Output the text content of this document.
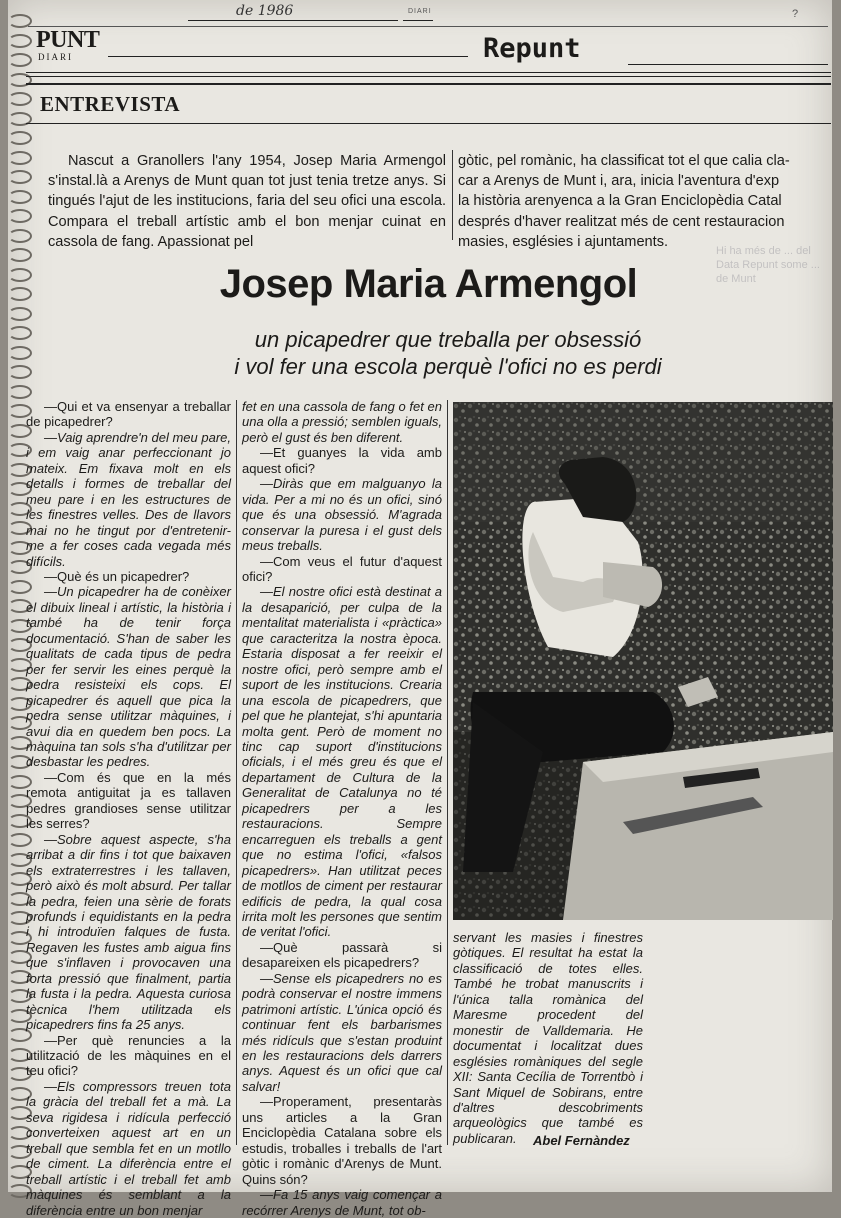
de 1986	DIARI	?
PUNT
DIARI	Repunt
ENTREVISTA

Nascut a Granollers l'any 1954, Josep Maria Armengol s'instal.là a Arenys de Munt quan tot just tenia tretze anys. Si tingués l'ajut de les institucions, faria del seu ofici una escola. Compara el treball artístic amb el bon menjar cuinat en cassola de fang. Apassionat pel

gòtic, pel romànic, ha classificat tot el que calia cla-
car a Arenys de Munt i, ara, inicia l'aventura d'exp
la història arenyenca a la Gran Enciclopèdia Catal
després d'haver realitzat més de cent restauracion
masies, esglésies i ajuntaments.
Hi ha més de ... del Data Repunt some ... de Munt
Josep Maria Armengol
un picapedrer que treballa per obsessió
i vol fer una escola perquè l'ofici no es perdi

—Qui et va ensenyar a treballar de picapedrer?

—Vaig aprendre'n del meu pare, i em vaig anar perfeccionant jo mateix. Em fixava molt en els detalls i formes de treballar del meu pare i en les estructures de les finestres velles. Des de llavors mai no he tingut por d'entretenir-me a fer coses cada vegada més difícils.

—Què és un picapedrer?

—Un picapedrer ha de conèixer el dibuix lineal i artístic, la història i també ha de tenir força documentació. S'han de saber les qualitats de cada tipus de pedra per fer servir les eines perquè la pedra resisteixi els cops. El picapedrer és aquell que pica la pedra sense utilitzar màquines, i avui dia en quedem ben pocs. La màquina tan sols s'ha d'utilitzar per desbastar les pedres.

—Com és que en la més remota antiguitat ja es tallaven pedres grandioses sense utilitzar les serres?

—Sobre aquest aspecte, s'ha arribat a dir fins i tot que baixaven els extraterrestres i les tallaven, però això és molt absurd. Per tallar la pedra, feien una sèrie de forats profunds i equidistants en la pedra i hi introduïen falques de fusta. Regaven les fustes amb aigua fins que s'inflaven i provocaven una forta pressió que finalment, partia la fusta i la pedra. Aquesta curiosa tècnica l'hem utilitzada els picapedrers fins fa 25 anys.

—Per què renuncies a la utilització de les màquines en el teu ofici?

—Els compressors treuen tota la gràcia del treball fet a mà. La seva rigidesa i ridícula perfecció converteixen aquest art en un treball que sembla fet en un motllo de ciment. La diferència entre el treball artístic i el treball fet amb màquines és semblant a la diferència entre un bon menjar

fet en una cassola de fang o fet en una olla a pressió; semblen iguals, però el gust és ben diferent.

—Et guanyes la vida amb aquest ofici?

—Diràs que em malguanyo la vida. Per a mi no és un ofici, sinó que és una obsessió. M'agrada conservar la puresa i el gust dels meus treballs.

—Com veus el futur d'aquest ofici?

—El nostre ofici està destinat a la desaparició, per culpa de la mentalitat materialista i «pràctica» que caracteritza la nostra època. Estaria disposat a fer reeixir el nostre ofici, però sempre amb el suport de les institucions. Crearia una escola de picapedrers, que pel que he plantejat, s'hi apuntaria molta gent. Però de moment no tinc cap suport d'institucions oficials, i el més greu és que el departament de Cultura de la Generalitat de Catalunya no té picapedrers per a les restauracions. Sempre encarreguen els treballs a gent que no estima l'ofici, «falsos picapedrers». Han utilitzat peces de motllos de ciment per restaurar edificis de pedra, la qual cosa irrita molt les persones que sentim de veritat l'ofici.

—Què passarà si desapareixen els picapedrers?

—Sense els picapedrers no es podrà conservar el nostre immens patrimoni artístic. L'única opció és continuar fent els barbarismes més ridículs que s'estan produint en les restauracions dels darrers anys. Aquest és un ofici que cal salvar!

—Properament, presentaràs uns articles a la Gran Enciclopèdia Catalana sobre els estudis, troballes i treballs de l'art gòtic i romànic d'Arenys de Munt. Quins són?

—Fa 15 anys vaig començar a recórrer Arenys de Munt, tot ob-

servant les masies i finestres gòtiques. El resultat ha estat la classificació de totes elles. També he trobat manuscrits i l'única talla romànica del Maresme procedent del monestir de Valldemaria. He documentat i localitzat dues esglésies romàniques del segle XII: Santa Cecília de Torrentbò i Sant Miquel de Sobirans, entre d'altres descobriments arqueològics que també es publicaran.	Abel Fernàndez
